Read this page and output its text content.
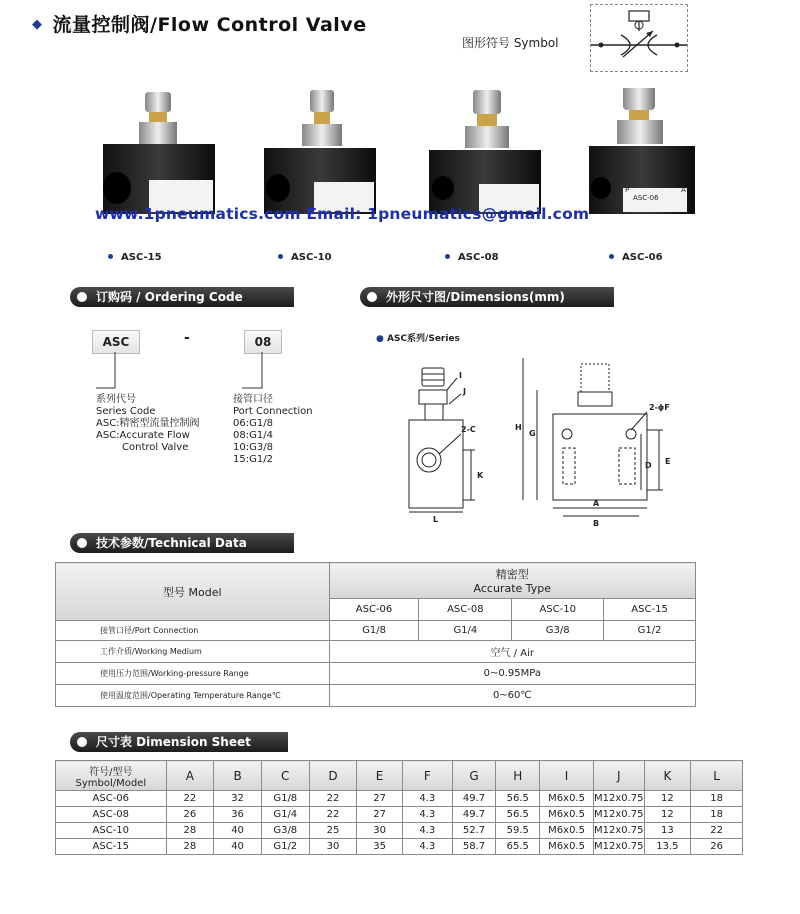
◆ 流量控制阀/Flow Control Valve
图形符号 Symbol
ASC-06
P	A
www.1pneumatics.com Email: 1pneumatics@gmail.com
ASC-15	ASC-10	ASC-08	ASC-06
订购码 / Ordering Code
ASC	-	08
系列代号
Series Code
ASC:精密型流量控制阀
ASC:Accurate Flow
Control Valve
接管口径
Port Connection
06:G1/8
08:G1/4
10:G3/8
15:G1/2
外形尺寸图/Dimensions(mm)
● ASC系列/Series
I
J
2-C
K
L
H
G
2-ϕF
D E
A
B
技术参数/Technical Data
型号 Model	精密型
Accurate Type			

	ASC-06	ASC-08	ASC-10	ASC-15
接管口径/Port Connection	G1/8	G1/4	G3/8	G1/2
工作介质/Working Medium	空气 / Air			
使用压力范围/Working-pressure Range	0~0.95MPa			
使用温度范围/Operating Temperature Range℃	0~60℃			
尺寸表 Dimension Sheet
符号/型号
Symbol/Model	A	B	C	D	E	F	G	H	I	J	K	L
ASC-06	22	32	G1/8	22	27	4.3	49.7	56.5	M6x0.5	M12x0.75	12	18
ASC-08	26	36	G1/4	22	27	4.3	49.7	56.5	M6x0.5	M12x0.75	12	18
ASC-10	28	40	G3/8	25	30	4.3	52.7	59.5	M6x0.5	M12x0.75	13	22
ASC-15	28	40	G1/2	30	35	4.3	58.7	65.5	M6x0.5	M12x0.75	13.5	26
